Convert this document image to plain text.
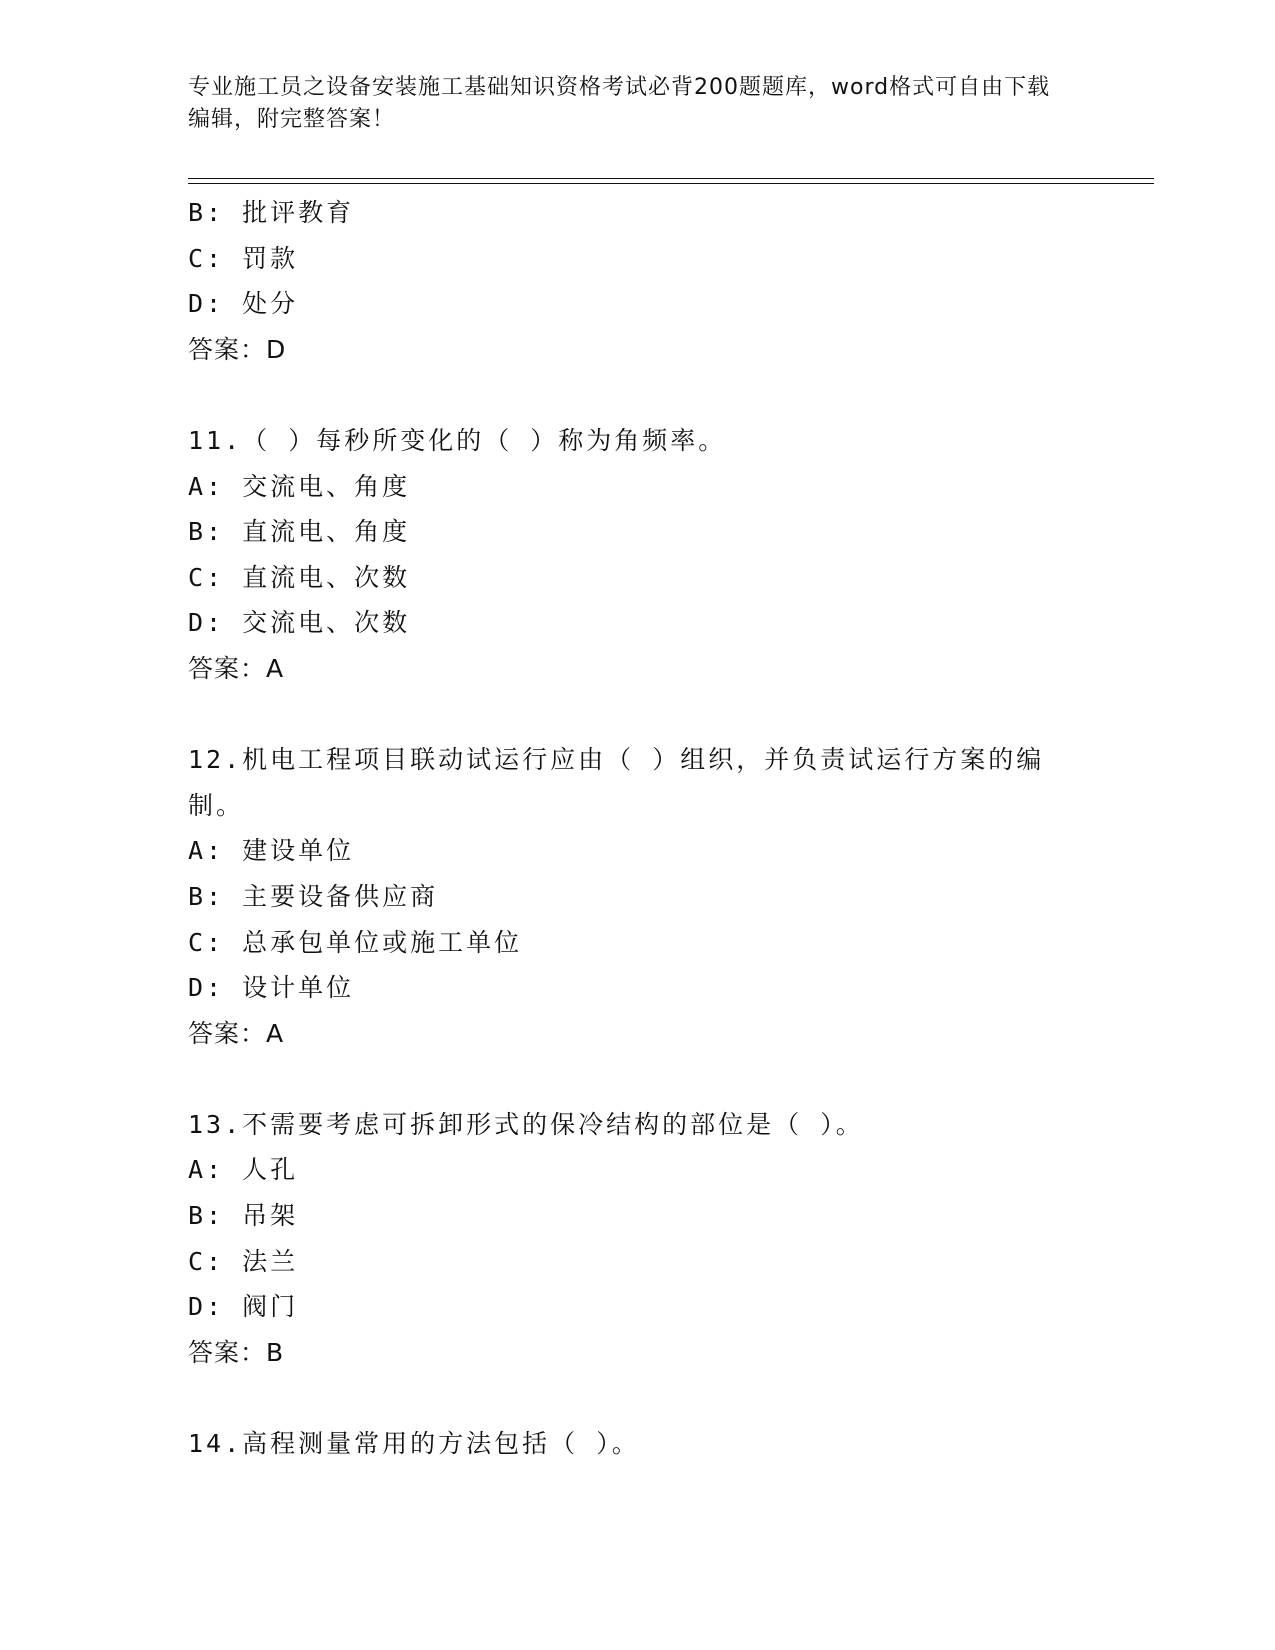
专业施工员之设备安装施工基础知识资格考试必背200题题库，word格式可自由下载编辑，附完整答案！

B: 批评教育
C: 罚款
D: 处分
答案：D
11.（ ）每秒所变化的（ ）称为角频率。
A: 交流电、角度
B: 直流电、角度
C: 直流电、次数
D: 交流电、次数
答案：A
12.机电工程项目联动试运行应由（ ）组织，并负责试运行方案的编制。
A: 建设单位
B: 主要设备供应商
C: 总承包单位或施工单位
D: 设计单位
答案：A
13.不需要考虑可拆卸形式的保冷结构的部位是（ ）。
A: 人孔
B: 吊架
C: 法兰
D: 阀门
答案：B
14.高程测量常用的方法包括（ ）。
